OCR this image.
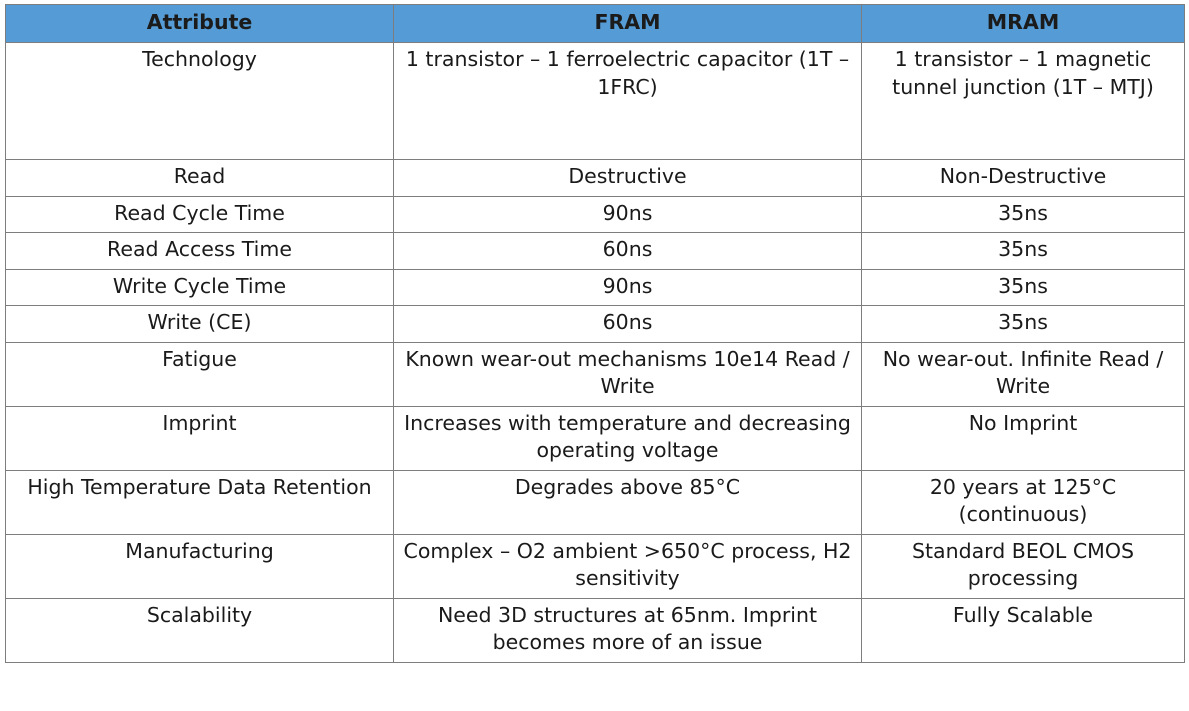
Attribute	FRAM	MRAM
Technology	1 transistor – 1 ferroelectric capacitor (1T – 1FRC)	1 transistor – 1 magnetic tunnel junction (1T – MTJ)
Read	Destructive	Non-Destructive
Read Cycle Time	90ns	35ns
Read Access Time	60ns	35ns
Write Cycle Time	90ns	35ns
Write (CE)	60ns	35ns
Fatigue	Known wear-out mechanisms 10e14 Read / Write	No wear-out. Infinite Read / Write
Imprint	Increases with temperature and decreasing operating voltage	No Imprint
High Temperature Data Retention	Degrades above 85°C	20 years at 125°C (continuous)
Manufacturing	Complex – O2 ambient >650°C process, H2 sensitivity	Standard BEOL CMOS processing
Scalability	Need 3D structures at 65nm. Imprint becomes more of an issue	Fully Scalable
